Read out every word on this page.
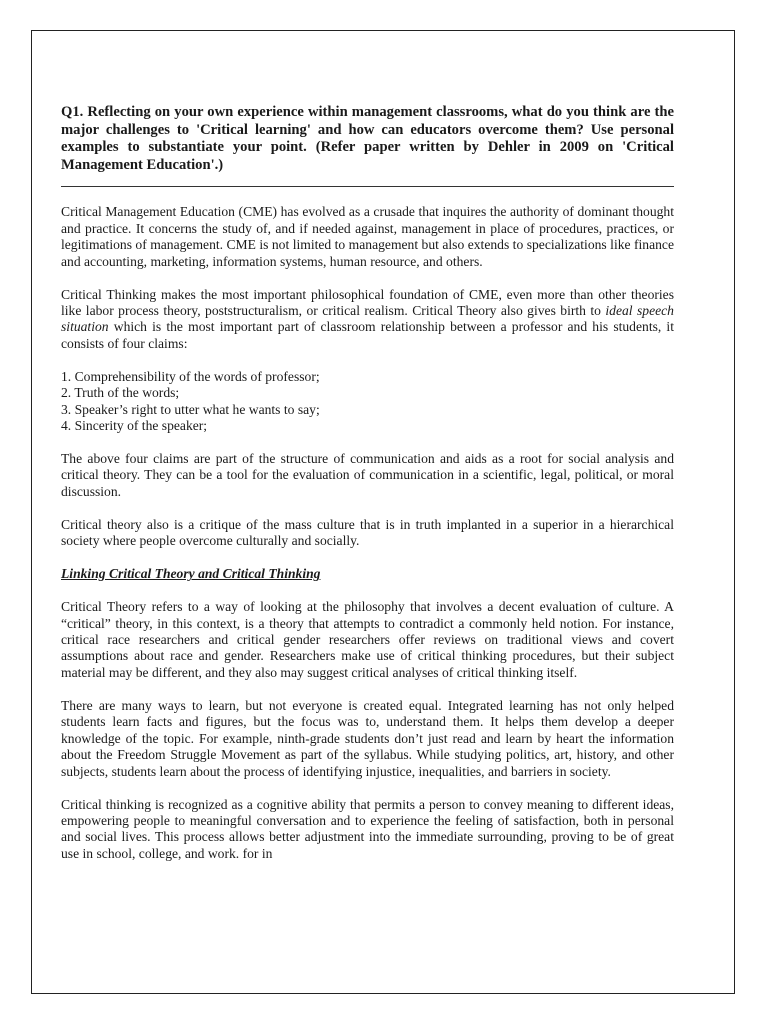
Q1. Reflecting on your own experience within management classrooms, what do you think are the major challenges to 'Critical learning' and how can educators overcome them? Use personal examples to substantiate your point. (Refer paper written by Dehler in 2009 on 'Critical Management Education'.)

Critical Management Education (CME) has evolved as a crusade that inquires the authority of dominant thought and practice. It concerns the study of, and if needed against, management in place of procedures, practices, or legitimations of management. CME is not limited to management but also extends to specializations like finance and accounting, marketing, information systems, human resource, and others.

Critical Thinking makes the most important philosophical foundation of CME, even more than other theories like labor process theory, poststructuralism, or critical realism. Critical Theory also gives birth to ideal speech situation which is the most important part of classroom relationship between a professor and his students, it consists of four claims:

1. Comprehensibility of the words of professor;
2. Truth of the words;
3. Speaker’s right to utter what he wants to say;
4. Sincerity of the speaker;

The above four claims are part of the structure of communication and aids as a root for social analysis and critical theory. They can be a tool for the evaluation of communication in a scientific, legal, political, or moral discussion.

Critical theory also is a critique of the mass culture that is in truth implanted in a superior in a hierarchical society where people overcome culturally and socially.

Linking Critical Theory and Critical Thinking

Critical Theory refers to a way of looking at the philosophy that involves a decent evaluation of culture. A “critical” theory, in this context, is a theory that attempts to contradict a commonly held notion. For instance, critical race researchers and critical gender researchers offer reviews on traditional views and covert assumptions about race and gender. Researchers make use of critical thinking procedures, but their subject material may be different, and they also may suggest critical analyses of critical thinking itself.

There are many ways to learn, but not everyone is created equal. Integrated learning has not only helped students learn facts and figures, but the focus was to, understand them. It helps them develop a deeper knowledge of the topic. For example, ninth-grade students don’t just read and learn by heart the information about the Freedom Struggle Movement as part of the syllabus. While studying politics, art, history, and other subjects, students learn about the process of identifying injustice, inequalities, and barriers in society.

Critical thinking is recognized as a cognitive ability that permits a person to convey meaning to different ideas, empowering people to meaningful conversation and to experience the feeling of satisfaction, both in personal and social lives. This process allows better adjustment into the immediate surrounding, proving to be of great use in school, college, and work. for in
